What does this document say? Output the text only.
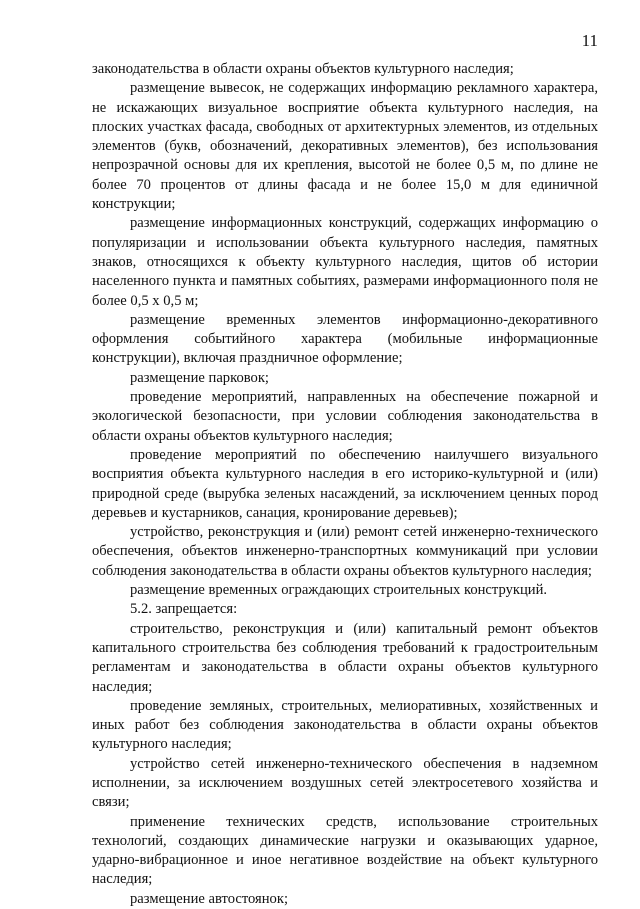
11

законодательства в области охраны объектов культурного наследия;

размещение вывесок, не содержащих информацию рекламного характера, не искажающих визуальное восприятие объекта культурного наследия, на плоских участках фасада, свободных от архитектурных элементов, из отдельных элементов (букв, обозначений, декоративных элементов), без использования непрозрачной основы для их крепления, высотой не более 0,5 м, по длине не более 70 процентов от длины фасада и не более 15,0 м для единичной конструкции;

размещение информационных конструкций, содержащих информацию о популяризации и использовании объекта культурного наследия, памятных знаков, относящихся к объекту культурного наследия, щитов об истории населенного пункта и памятных событиях, размерами информационного поля не более 0,5 х 0,5 м;

размещение временных элементов информационно-декоративного оформления событийного характера (мобильные информационные конструкции), включая праздничное оформление;

размещение парковок;

проведение мероприятий, направленных на обеспечение пожарной и экологической безопасности, при условии соблюдения законодательства в области охраны объектов культурного наследия;

проведение мероприятий по обеспечению наилучшего визуального восприятия объекта культурного наследия в его историко-культурной и (или) природной среде (вырубка зеленых насаждений, за исключением ценных пород деревьев и кустарников, санация, кронирование деревьев);

устройство, реконструкция и (или) ремонт сетей инженерно-технического обеспечения, объектов инженерно-транспортных коммуникаций при условии соблюдения законодательства в области охраны объектов культурного наследия;

размещение временных ограждающих строительных конструкций.

5.2. запрещается:

строительство, реконструкция и (или) капитальный ремонт объектов капитального строительства без соблюдения требований к градостроительным регламентам и законодательства в области охраны объектов культурного наследия;

проведение земляных, строительных, мелиоративных, хозяйственных и иных работ без соблюдения законодательства в области охраны объектов культурного наследия;

устройство сетей инженерно-технического обеспечения в надземном исполнении, за исключением воздушных сетей электросетевого хозяйства и связи;

применение технических средств, использование строительных технологий, создающих динамические нагрузки и оказывающих ударное, ударно-вибрационное и иное негативное воздействие на объект культурного наследия;

размещение автостоянок;
